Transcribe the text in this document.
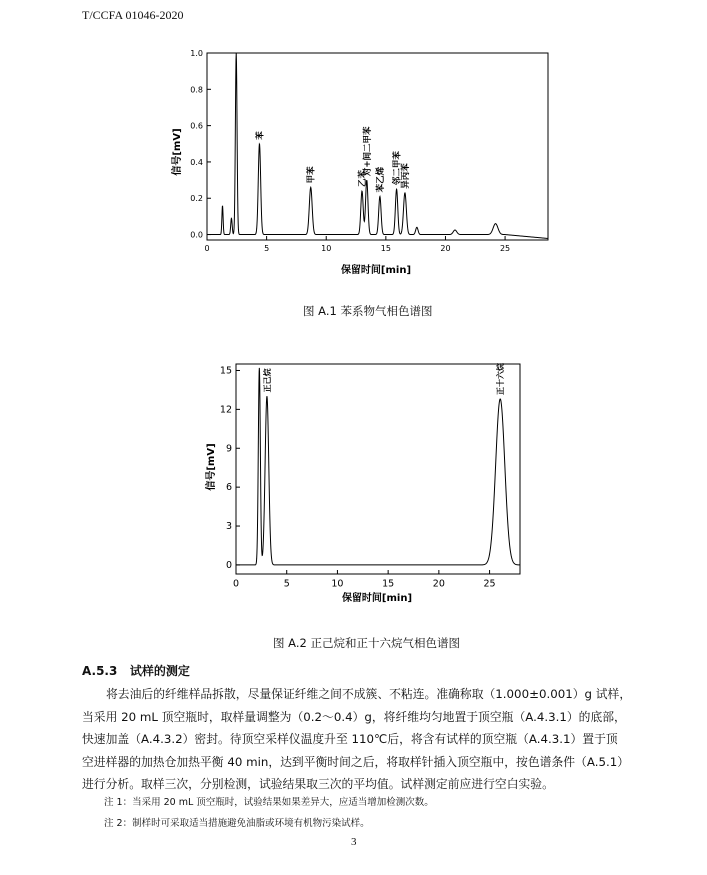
T/CCFA 01046-2020
0.0
0.2
0.4
0.6
0.8
1.0
0	5	10	15	20	25
苯
甲苯	乙苯
对+间二甲苯
苯乙烯 邻二甲苯
异丙苯
信号[mV]
保留时间[min]
图 A.1 苯系物气相色谱图
0
3
6
9
12
15
0	5	10	15	20	25
正己烷	正十六烷
信号[mV]
保留时间[min]
图 A.2 正己烷和正十六烷气相色谱图
A.5.3 试样的测定
将去油后的纤维样品拆散，尽量保证纤维之间不成簇、不粘连。准确称取（1.000±0.001）g 试样，
当采用 20 mL 顶空瓶时，取样量调整为（0.2～0.4）g，将纤维均匀地置于顶空瓶（A.4.3.1）的底部，
快速加盖（A.4.3.2）密封。待顶空采样仪温度升至 110℃后，将含有试样的顶空瓶（A.4.3.1）置于顶
空进样器的加热仓加热平衡 40 min，达到平衡时间之后，将取样针插入顶空瓶中，按色谱条件（A.5.1）
进行分析。取样三次，分别检测，试验结果取三次的平均值。试样测定前应进行空白实验。
注 1：当采用 20 mL 顶空瓶时，试验结果如果差异大，应适当增加检测次数。
注 2：制样时可采取适当措施避免油脂或环境有机物污染试样。
3
